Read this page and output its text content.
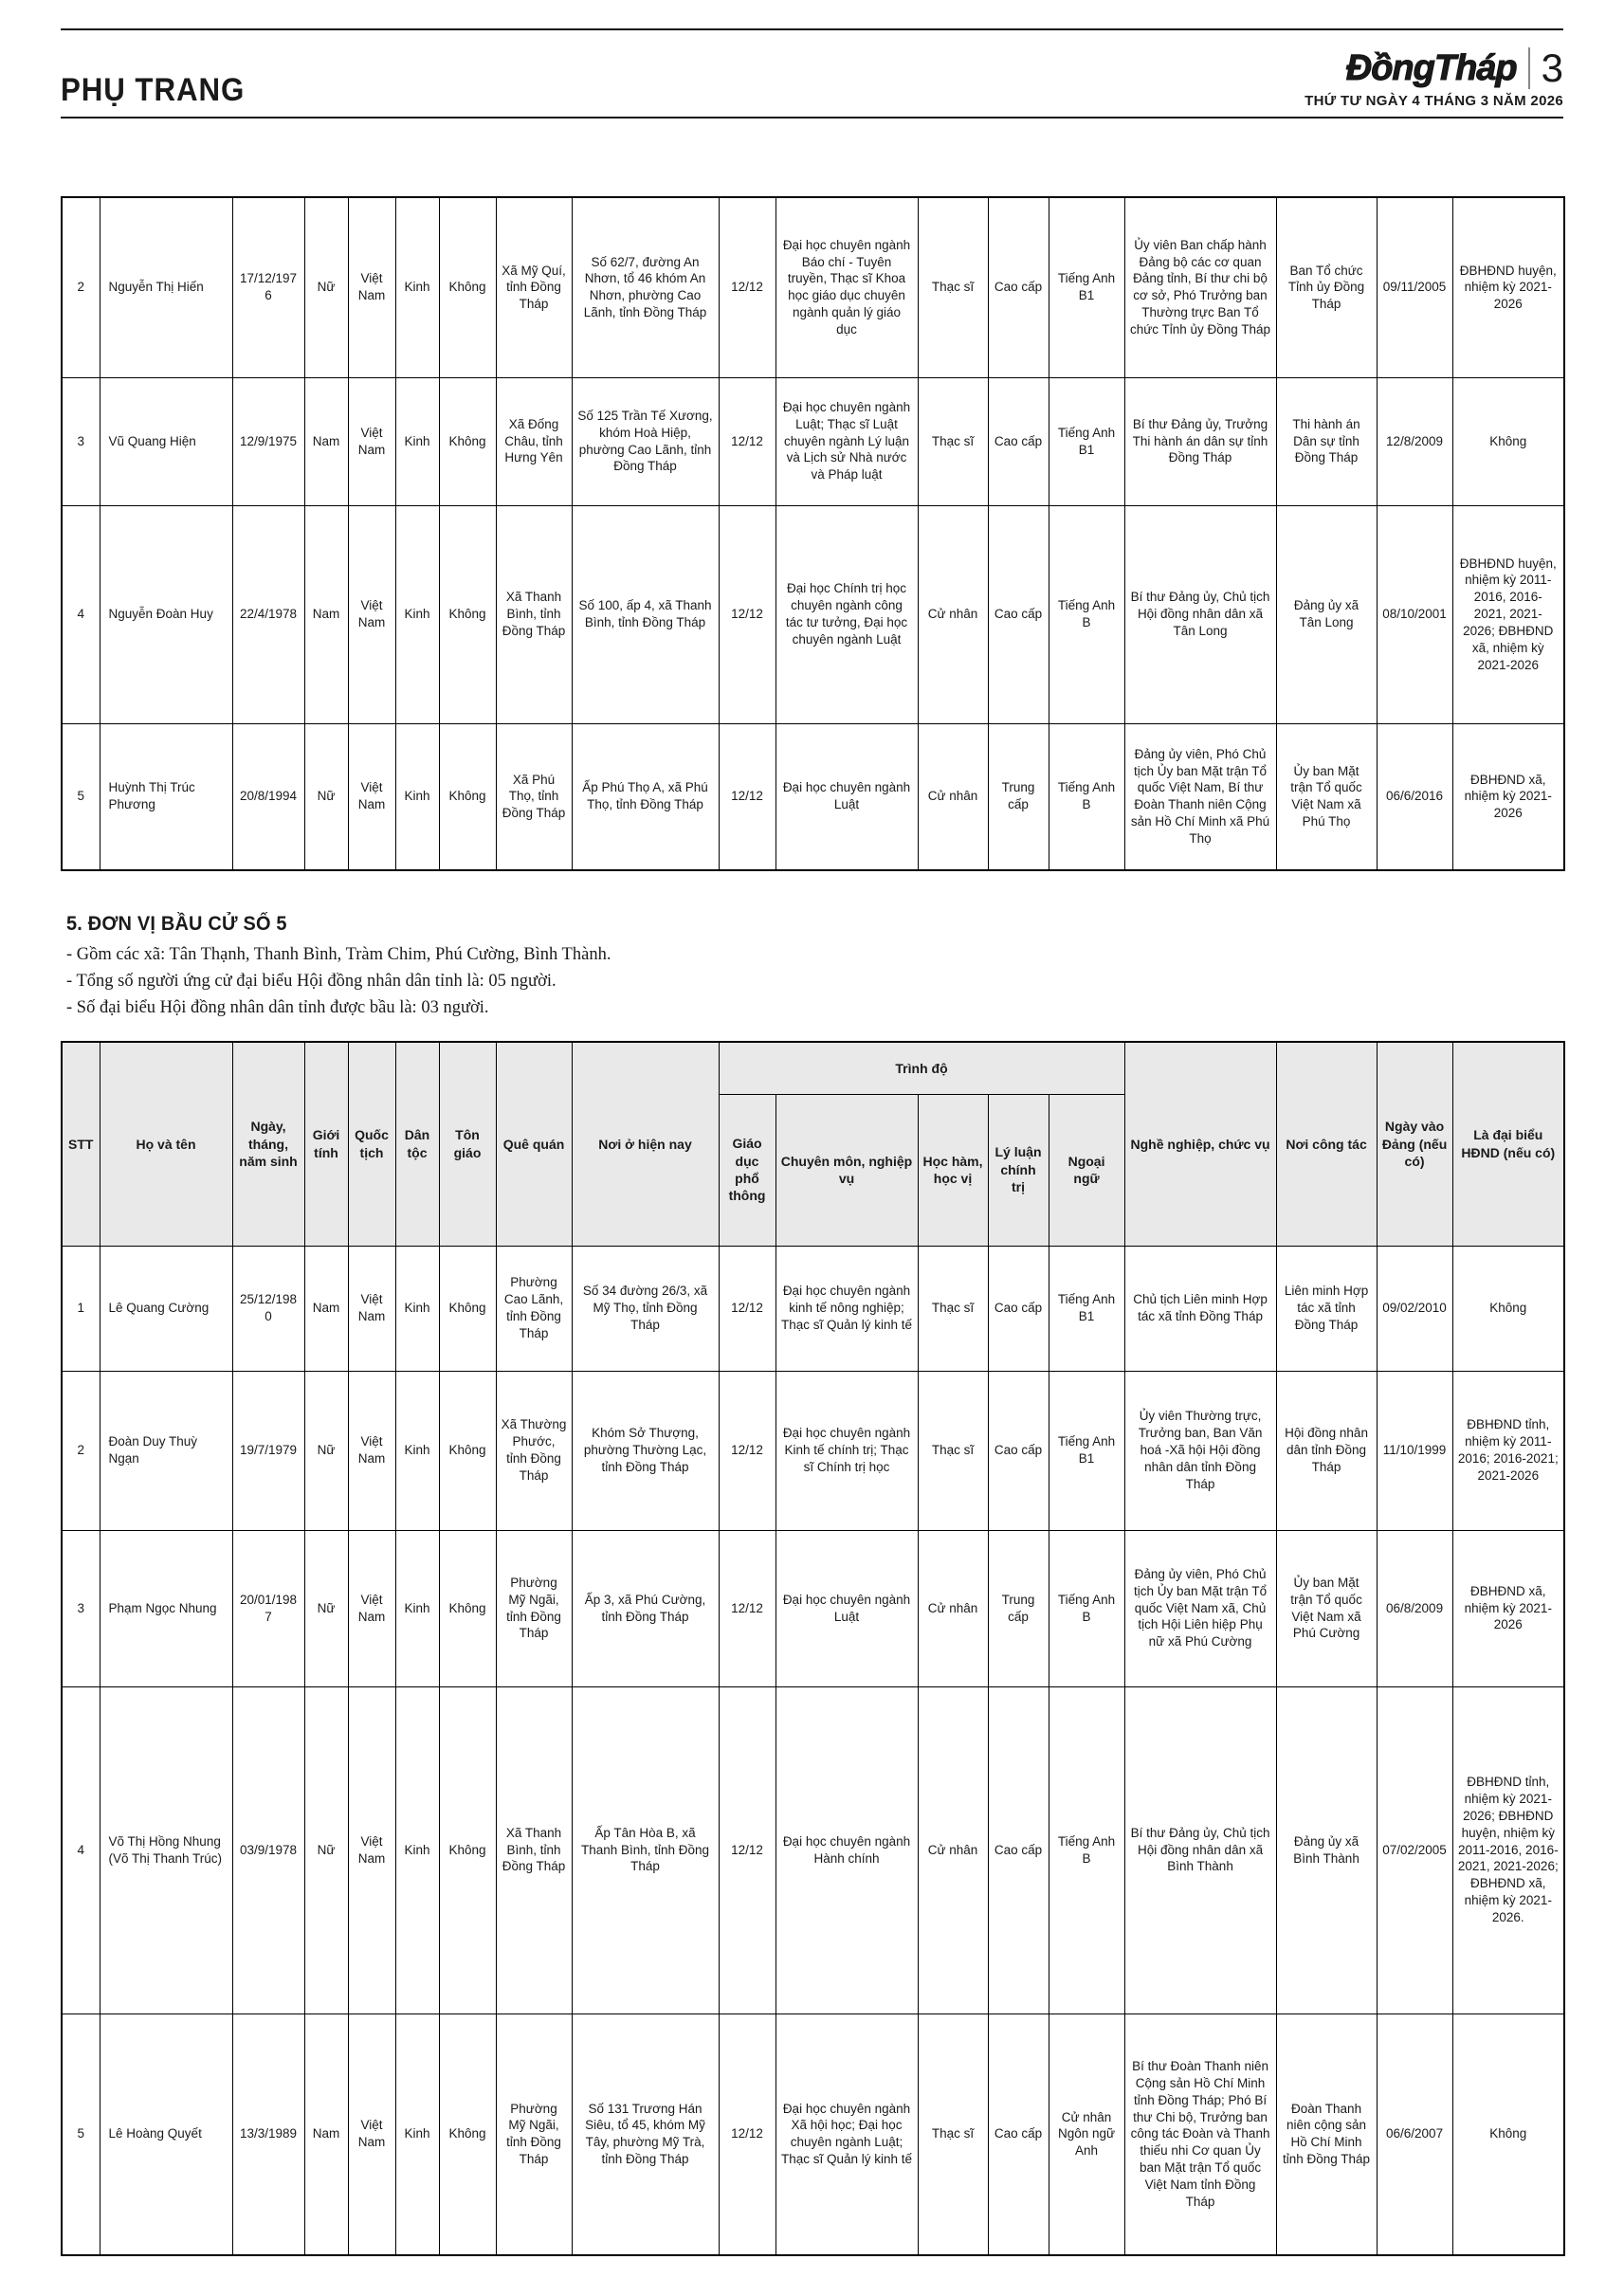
PHỤ TRANG
ĐồngTháp 3
THỨ TƯ NGÀY 4 THÁNG 3 NĂM 2026
2	Nguyễn Thị Hiến	17/12/1976	Nữ	Việt Nam	Kinh	Không	Xã Mỹ Quí, tỉnh Đồng Tháp	Số 62/7, đường An Nhơn, tổ 46 khóm An Nhơn, phường Cao Lãnh, tỉnh Đồng Tháp	12/12	Đại học chuyên ngành Báo chí - Tuyên truyền, Thạc sĩ Khoa học giáo dục chuyên ngành quản lý giáo dục	Thạc sĩ	Cao cấp	Tiếng Anh B1	Ủy viên Ban chấp hành Đảng bộ các cơ quan Đảng tỉnh, Bí thư chi bộ cơ sở, Phó Trưởng ban Thường trực Ban Tổ chức Tỉnh ủy Đồng Tháp	Ban Tổ chức Tỉnh ủy Đồng Tháp	09/11/2005	ĐBHĐND huyện, nhiệm kỳ 2021- 2026
3	Vũ Quang Hiện	12/9/1975	Nam	Việt Nam	Kinh	Không	Xã Đống Châu, tỉnh Hưng Yên	Số 125 Trần Tế Xương, khóm Hoà Hiệp, phường Cao Lãnh, tỉnh Đồng Tháp	12/12	Đại học chuyên ngành Luật; Thạc sĩ Luật chuyên ngành Lý luận và Lịch sử Nhà nước và Pháp luật	Thạc sĩ	Cao cấp	Tiếng Anh B1	Bí thư Đảng ủy, Trưởng Thi hành án dân sự tỉnh Đồng Tháp	Thi hành án Dân sự tỉnh Đồng Tháp	12/8/2009	Không
4	Nguyễn Đoàn Huy	22/4/1978	Nam	Việt Nam	Kinh	Không	Xã Thanh Bình, tỉnh Đồng Tháp	Số 100, ấp 4, xã Thanh Bình, tỉnh Đồng Tháp	12/12	Đại học Chính trị học chuyên ngành công tác tư tưởng, Đại học chuyên ngành Luật	Cử nhân	Cao cấp	Tiếng Anh B	Bí thư Đảng ủy, Chủ tịch Hội đồng nhân dân xã Tân Long	Đảng ủy xã Tân Long	08/10/2001	ĐBHĐND huyện, nhiệm kỳ 2011-2016, 2016- 2021, 2021- 2026; ĐBHĐND xã, nhiệm kỳ 2021-2026
5	Huỳnh Thị Trúc Phương	20/8/1994	Nữ	Việt Nam	Kinh	Không	Xã Phú Thọ, tỉnh Đồng Tháp	Ấp Phú Thọ A, xã Phú Thọ, tỉnh Đồng Tháp	12/12	Đại học chuyên ngành Luật	Cử nhân	Trung cấp	Tiếng Anh B	Đảng ủy viên, Phó Chủ tịch Ủy ban Mặt trận Tổ quốc Việt Nam, Bí thư Đoàn Thanh niên Cộng sản Hồ Chí Minh xã Phú Thọ	Ủy ban Mặt trận Tổ quốc Việt Nam xã Phú Thọ	06/6/2016	ĐBHĐND xã, nhiệm kỳ 2021-2026
5. ĐƠN VỊ BẦU CỬ SỐ 5
- Gồm các xã: Tân Thạnh, Thanh Bình, Tràm Chim, Phú Cường, Bình Thành.
- Tổng số người ứng cử đại biểu Hội đồng nhân dân tỉnh là: 05 người.
- Số đại biểu Hội đồng nhân dân tỉnh được bầu là: 03 người.
STT	Họ và tên	Ngày, tháng, năm sinh	Giới tính	Quốc tịch	Dân tộc	Tôn giáo	Quê quán	Nơi ở hiện nay	Trình độ					Nghề nghiệp, chức vụ	Nơi công tác	Ngày vào Đảng (nếu có)	Là đại biểu HĐND (nếu có)
									Giáo dục phổ thông	Chuyên môn, nghiệp vụ	Học hàm, học vị	Lý luận chính trị	Ngoại ngữ				
1	Lê Quang Cường	25/12/1980	Nam	Việt Nam	Kinh	Không	Phường Cao Lãnh, tỉnh Đồng Tháp	Số 34 đường 26/3, xã Mỹ Thọ, tỉnh Đồng Tháp	12/12	Đại học chuyên ngành kinh tế nông nghiệp; Thạc sĩ Quản lý kinh tế	Thạc sĩ	Cao cấp	Tiếng Anh B1	Chủ tịch Liên minh Hợp tác xã tỉnh Đồng Tháp	Liên minh Hợp tác xã tỉnh Đồng Tháp	09/02/2010	Không
2	Đoàn Duy Thuỳ Ngạn	19/7/1979	Nữ	Việt Nam	Kinh	Không	Xã Thường Phước, tỉnh Đồng Tháp	Khóm Sở Thượng, phường Thường Lạc, tỉnh Đồng Tháp	12/12	Đại học chuyên ngành Kinh tế chính trị; Thạc sĩ Chính trị học	Thạc sĩ	Cao cấp	Tiếng Anh B1	Ủy viên Thường trực, Trưởng ban, Ban Văn hoá -Xã hội Hội đồng nhân dân tỉnh Đồng Tháp	Hội đồng nhân dân tỉnh Đồng Tháp	11/10/1999	ĐBHĐND tỉnh, nhiệm kỳ 2011-2016; 2016-2021; 2021-2026
3	Phạm Ngọc Nhung	20/01/1987	Nữ	Việt Nam	Kinh	Không	Phường Mỹ Ngãi, tỉnh Đồng Tháp	Ấp 3, xã Phú Cường, tỉnh Đồng Tháp	12/12	Đại học chuyên ngành Luật	Cử nhân	Trung cấp	Tiếng Anh B	Đảng ủy viên, Phó Chủ tịch Ủy ban Mặt trận Tổ quốc Việt Nam xã, Chủ tịch Hội Liên hiệp Phụ nữ xã Phú Cường	Ủy ban Mặt trận Tổ quốc Việt Nam xã Phú Cường	06/8/2009	ĐBHĐND xã, nhiệm kỳ 2021-2026
4	Võ Thị Hồng Nhung (Võ Thị Thanh Trúc)	03/9/1978	Nữ	Việt Nam	Kinh	Không	Xã Thanh Bình, tỉnh Đồng Tháp	Ấp Tân Hòa B, xã Thanh Bình, tỉnh Đồng Tháp	12/12	Đại học chuyên ngành Hành chính	Cử nhân	Cao cấp	Tiếng Anh B	Bí thư Đảng ủy, Chủ tịch Hội đồng nhân dân xã Bình Thành	Đảng ủy xã Bình Thành	07/02/2005	ĐBHĐND tỉnh, nhiệm kỳ 2021-2026; ĐBHĐND huyện, nhiệm kỳ 2011-2016, 2016-2021, 2021-2026; ĐBHĐND xã, nhiệm kỳ 2021-2026.
5	Lê Hoàng Quyết	13/3/1989	Nam	Việt Nam	Kinh	Không	Phường Mỹ Ngãi, tỉnh Đồng Tháp	Số 131 Trương Hán Siêu, tổ 45, khóm Mỹ Tây, phường Mỹ Trà, tỉnh Đồng Tháp	12/12	Đại học chuyên ngành Xã hội học; Đại học chuyên ngành Luật; Thạc sĩ Quản lý kinh tế	Thạc sĩ	Cao cấp	Cử nhân Ngôn ngữ Anh	Bí thư Đoàn Thanh niên Cộng sản Hồ Chí Minh tỉnh Đồng Tháp; Phó Bí thư Chi bộ, Trưởng ban công tác Đoàn và Thanh thiếu nhi Cơ quan Ủy ban Mặt trận Tổ quốc Việt Nam tỉnh Đồng Tháp	Đoàn Thanh niên cộng sản Hồ Chí Minh tỉnh Đồng Tháp	06/6/2007	Không
